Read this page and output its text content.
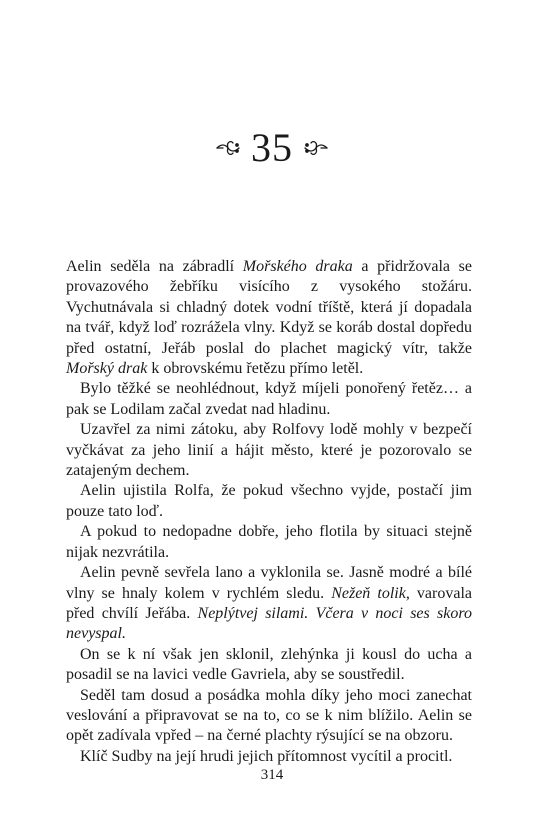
35

Aelin seděla na zábradlí Mořského draka a přidržovala se provazového žebříku visícího z vysokého stožáru. Vychutnávala si chladný dotek vodní tříště, která jí dopadala na tvář, když loď rozrážela vlny. Když se koráb dostal dopředu před ostatní, Jeřáb poslal do plachet magický vítr, takže Mořský drak k obrovskému řetězu přímo letěl.

Bylo těžké se neohlédnout, když míjeli ponořený řetěz… a pak se Lodilam začal zvedat nad hladinu.

Uzavřel za nimi zátoku, aby Rolfovy lodě mohly v bezpečí vyčkávat za jeho linií a hájit město, které je pozorovalo se zatajeným dechem.

Aelin ujistila Rolfa, že pokud všechno vyjde, postačí jim pouze tato loď.

A pokud to nedopadne dobře, jeho flotila by situaci stejně nijak nezvrátila.

Aelin pevně sevřela lano a vyklonila se. Jasně modré a bílé vlny se hnaly kolem v rychlém sledu. Nežeň tolik, varovala před chvílí Jeřába. Neplýtvej silami. Včera v noci ses skoro nevyspal.

On se k ní však jen sklonil, zlehýnka ji kousl do ucha a posadil se na lavici vedle Gavriela, aby se soustředil.

Seděl tam dosud a posádka mohla díky jeho moci zanechat veslování a připravovat se na to, co se k nim blížilo. Aelin se opět zadívala vpřed – na černé plachty rýsující se na obzoru.

Klíč Sudby na její hrudi jejich přítomnost vycítil a procitl.

314
